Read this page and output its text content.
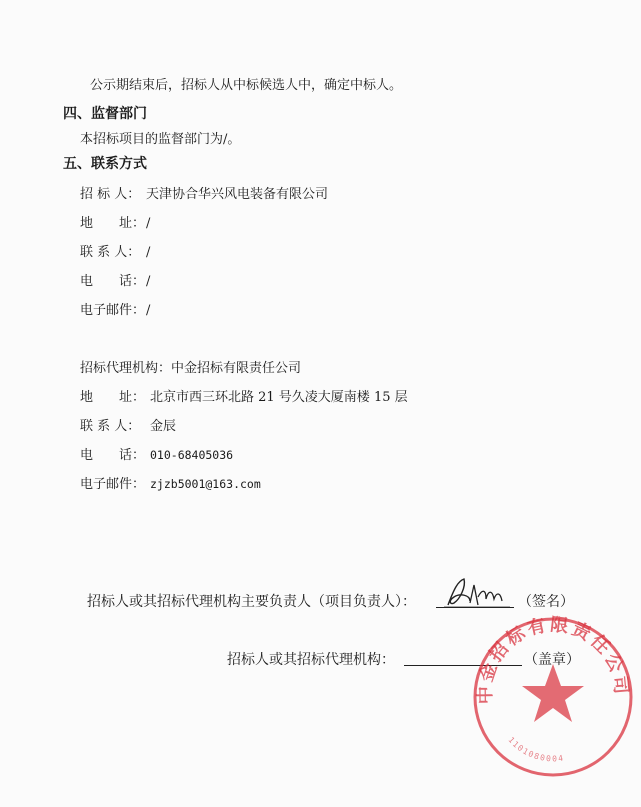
公示期结束后，招标人从中标候选人中，确定中标人。

四、监督部门

本招标项目的监督部门为/。

五、联系方式

招 标 人： 天津协合华兴风电装备有限公司
地　　址：/
联 系 人： /
电　　话：/
电子邮件：/
招标代理机构：中金招标有限责任公司
地　　址： 北京市西三环北路 21 号久凌大厦南楼 15 层
联 系 人： 金辰
电　　话： 010-68405036
电子邮件： zjzb5001@163.com

招标人或其招标代理机构主要负责人（项目负责人）：	（签名）

招标人或其招标代理机构：	（盖章）

中金招标有限责任公司
1101080004
